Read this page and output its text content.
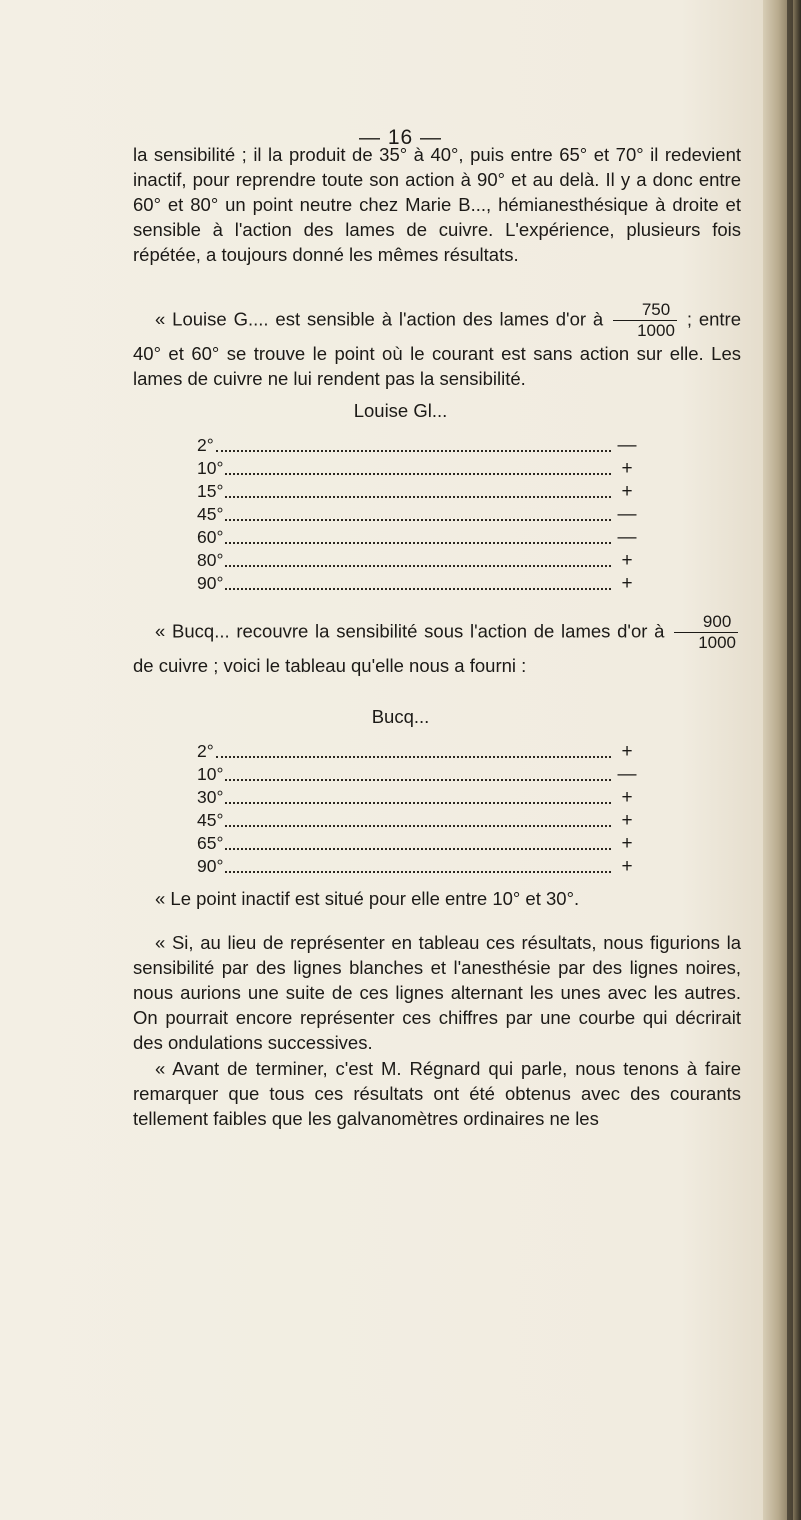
— 16 —

la sensibilité ; il la produit de 35° à 40°, puis entre 65° et 70° il redevient inactif, pour reprendre toute son action à 90° et au delà. Il y a donc entre 60° et 80° un point neutre chez Marie B..., hémianesthésique à droite et sensible à l'action des lames de cuivre. L'expérience, plusieurs fois répétée, a toujours donné les mêmes résultats.

« Louise G.... est sensible à l'action des lames d'or à $\frac{750}{1000}$ ; entre 40° et 60° se trouve le point où le courant est sans action sur elle. Les lames de cuivre ne lui rendent pas la sensibilité.

Louise Gl...
2°	—
10°	+
15°	+
45°	—
60°	—
80°	+
90°	+

« Bucq... recouvre la sensibilité sous l'action de lames d'or à $\frac{900}{1000}$
de cuivre ; voici le tableau qu'elle nous a fourni :

Bucq...
2°	+
10°	—
30°	+
45°	+
65°	+
90°	+

« Le point inactif est situé pour elle entre 10° et 30°.

« Si, au lieu de représenter en tableau ces résultats, nous figurions la sensibilité par des lignes blanches et l'anesthésie par des lignes noires, nous aurions une suite de ces lignes alternant les unes avec les autres. On pourrait encore représenter ces chiffres par une courbe qui décrirait des ondulations successives.

« Avant de terminer, c'est M. Régnard qui parle, nous tenons à faire remarquer que tous ces résultats ont été obtenus avec des courants tellement faibles que les galvanomètres ordinaires ne les
